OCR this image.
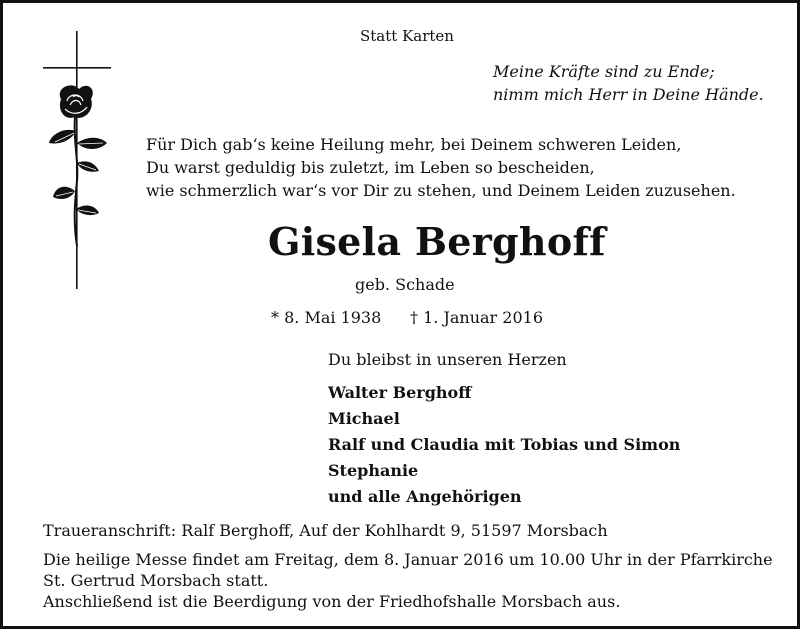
Statt Karten
Meine Kräfte sind zu Ende;
nimm mich Herr in Deine Hände.
Für Dich gab‘s keine Heilung mehr, bei Deinem schweren Leiden,
Du warst geduldig bis zuletzt, im Leben so bescheiden,
wie schmerzlich war‘s vor Dir zu stehen, und Deinem Leiden zuzusehen.
Gisela Berghoff
geb. Schade
* 8. Mai 1938 † 1. Januar 2016
Du bleibst in unseren Herzen
Walter Berghoff
Michael
Ralf und Claudia mit Tobias und Simon
Stephanie
und alle Angehörigen
Traueranschrift: Ralf Berghoff, Auf der Kohlhardt 9, 51597 Morsbach
Die heilige Messe findet am Freitag, dem 8. Januar 2016 um 10.00 Uhr in der Pfarrkirche
St. Gertrud Morsbach statt.
Anschließend ist die Beerdigung von der Friedhofshalle Morsbach aus.
